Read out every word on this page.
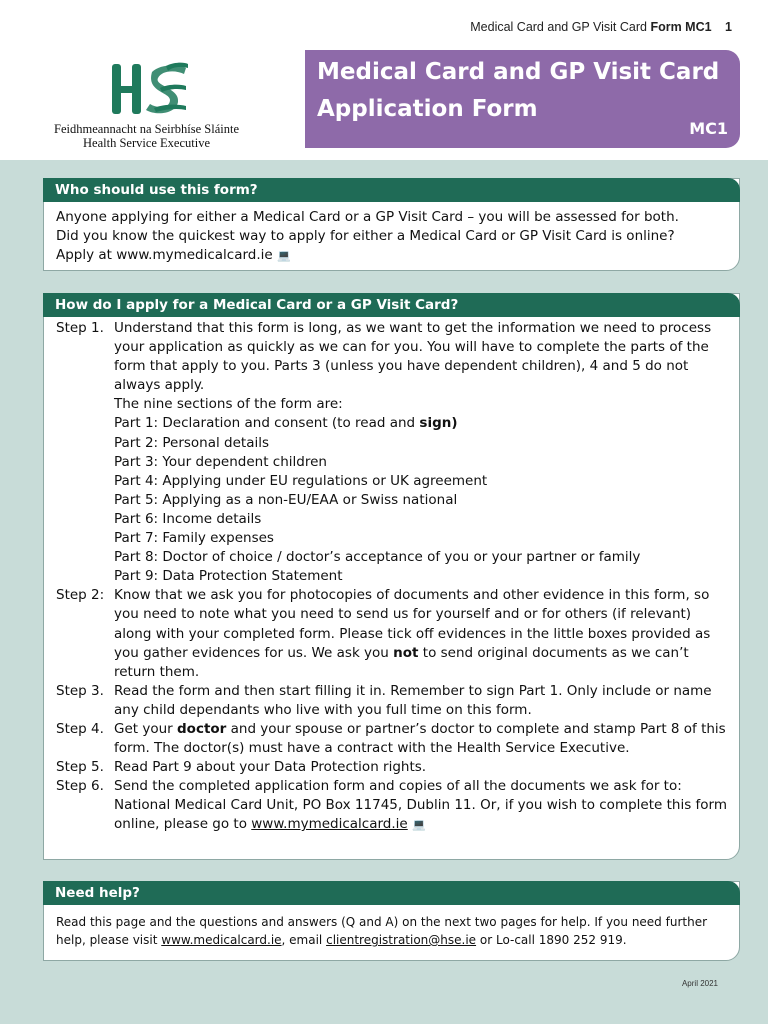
Medical Card and GP Visit Card Form MC1 1
Feidhmeannacht na Seirbhíse Sláinte
Health Service Executive
Medical Card and GP Visit Card
Application Form
MC1
Who should use this form?
Anyone applying for either a Medical Card or a GP Visit Card – you will be assessed for both.
Did you know the quickest way to apply for either a Medical Card or GP Visit Card is online?
Apply at www.mymedicalcard.ie 💻
How do I apply for a Medical Card or a GP Visit Card?
Step 1. Understand that this form is long, as we want to get the information we need to process your application as quickly as we can for you. You will have to complete the parts of the form that apply to you. Parts 3 (unless you have dependent children), 4 and 5 do not always apply.
The nine sections of the form are:
Part 1: Declaration and consent (to read and sign)
Part 2: Personal details
Part 3: Your dependent children
Part 4: Applying under EU regulations or UK agreement
Part 5: Applying as a non-EU/EAA or Swiss national
Part 6: Income details
Part 7: Family expenses
Part 8: Doctor of choice / doctor’s acceptance of you or your partner or family
Part 9: Data Protection Statement
Step 2: Know that we ask you for photocopies of documents and other evidence in this form, so you need to note what you need to send us for yourself and or for others (if relevant) along with your completed form. Please tick off evidences in the little boxes provided as you gather evidences for us. We ask you not to send original documents as we can’t return them.
Step 3. Read the form and then start filling it in. Remember to sign Part 1. Only include or name any child dependants who live with you full time on this form.
Step 4. Get your doctor and your spouse or partner’s doctor to complete and stamp Part 8 of this form. The doctor(s) must have a contract with the Health Service Executive.
Step 5. Read Part 9 about your Data Protection rights.
Step 6. Send the completed application form and copies of all the documents we ask for to: National Medical Card Unit, PO Box 11745, Dublin 11. Or, if you wish to complete this form online, please go to www.mymedicalcard.ie 💻
Need help?
Read this page and the questions and answers (Q and A) on the next two pages for help. If you need further help, please visit www.medicalcard.ie, email clientregistration@hse.ie or Lo-call 1890 252 919.
April 2021
